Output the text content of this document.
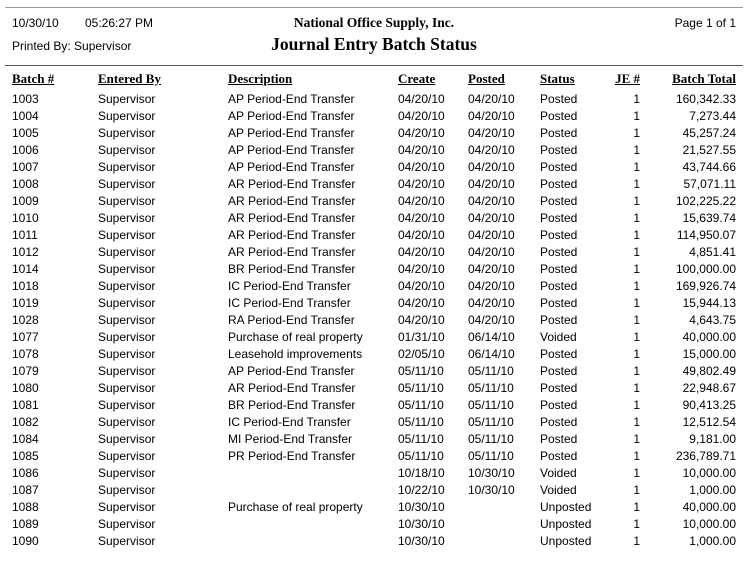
10/30/10 05:26:27 PM	National Office Supply, Inc.	Page 1 of 1
Printed By: Supervisor	Journal Entry Batch Status
Batch #	Entered By	Description	Create	Posted	Status	JE #	Batch Total
1003	Supervisor	AP Period-End Transfer	04/20/10	04/20/10	Posted	1	160,342.33
1004	Supervisor	AP Period-End Transfer	04/20/10	04/20/10	Posted	1	7,273.44
1005	Supervisor	AP Period-End Transfer	04/20/10	04/20/10	Posted	1	45,257.24
1006	Supervisor	AP Period-End Transfer	04/20/10	04/20/10	Posted	1	21,527.55
1007	Supervisor	AP Period-End Transfer	04/20/10	04/20/10	Posted	1	43,744.66
1008	Supervisor	AR Period-End Transfer	04/20/10	04/20/10	Posted	1	57,071.11
1009	Supervisor	AR Period-End Transfer	04/20/10	04/20/10	Posted	1	102,225.22
1010	Supervisor	AR Period-End Transfer	04/20/10	04/20/10	Posted	1	15,639.74
1011	Supervisor	AR Period-End Transfer	04/20/10	04/20/10	Posted	1	114,950.07
1012	Supervisor	AR Period-End Transfer	04/20/10	04/20/10	Posted	1	4,851.41
1014	Supervisor	BR Period-End Transfer	04/20/10	04/20/10	Posted	1	100,000.00
1018	Supervisor	IC Period-End Transfer	04/20/10	04/20/10	Posted	1	169,926.74
1019	Supervisor	IC Period-End Transfer	04/20/10	04/20/10	Posted	1	15,944.13
1028	Supervisor	RA Period-End Transfer	04/20/10	04/20/10	Posted	1	4,643.75
1077	Supervisor	Purchase of real property	01/31/10	06/14/10	Voided	1	40,000.00
1078	Supervisor	Leasehold improvements	02/05/10	06/14/10	Posted	1	15,000.00
1079	Supervisor	AP Period-End Transfer	05/11/10	05/11/10	Posted	1	49,802.49
1080	Supervisor	AR Period-End Transfer	05/11/10	05/11/10	Posted	1	22,948.67
1081	Supervisor	BR Period-End Transfer	05/11/10	05/11/10	Posted	1	90,413.25
1082	Supervisor	IC Period-End Transfer	05/11/10	05/11/10	Posted	1	12,512.54
1084	Supervisor	MI Period-End Transfer	05/11/10	05/11/10	Posted	1	9,181.00
1085	Supervisor	PR Period-End Transfer	05/11/10	05/11/10	Posted	1	236,789.71
1086	Supervisor		10/18/10	10/30/10	Voided	1	10,000.00
1087	Supervisor		10/22/10	10/30/10	Voided	1	1,000.00
1088	Supervisor	Purchase of real property	10/30/10		Unposted	1	40,000.00
1089	Supervisor		10/30/10		Unposted	1	10,000.00
1090	Supervisor		10/30/10		Unposted	1	1,000.00
